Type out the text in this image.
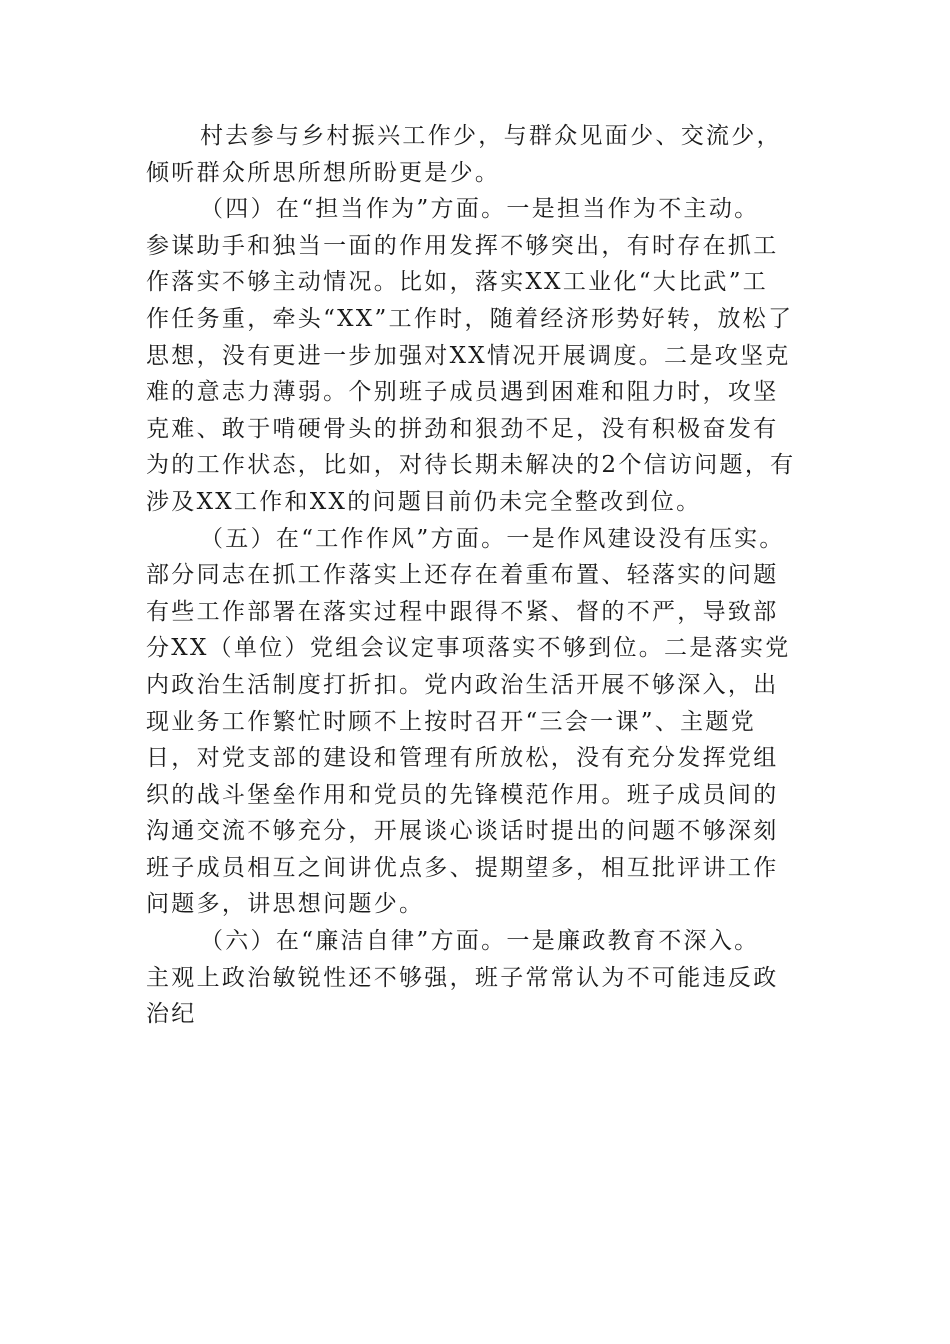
村去参与乡村振兴工作少，与群众见面少、交流少，
倾听群众所思所想所盼更是少。
（四）在“担当作为”方面。一是担当作为不主动。
参谋助手和独当一面的作用发挥不够突出，有时存在抓工
作落实不够主动情况。比如，落实XX工业化“大比武”工
作任务重，牵头“XX”工作时，随着经济形势好转，放松了
思想，没有更进一步加强对XX情况开展调度。二是攻坚克
难的意志力薄弱。个别班子成员遇到困难和阻力时，攻坚
克难、敢于啃硬骨头的拼劲和狠劲不足，没有积极奋发有
为的工作状态，比如，对待长期未解决的2个信访问题，有
涉及XX工作和XX的问题目前仍未完全整改到位。
（五）在“工作作风”方面。一是作风建设没有压实。
部分同志在抓工作落实上还存在着重布置、轻落实的问题
有些工作部署在落实过程中跟得不紧、督的不严，导致部
分XX（单位）党组会议定事项落实不够到位。二是落实党
内政治生活制度打折扣。党内政治生活开展不够深入，出
现业务工作繁忙时顾不上按时召开“三会一课”、主题党
日，对党支部的建设和管理有所放松，没有充分发挥党组
织的战斗堡垒作用和党员的先锋模范作用。班子成员间的
沟通交流不够充分，开展谈心谈话时提出的问题不够深刻
班子成员相互之间讲优点多、提期望多，相互批评讲工作
问题多，讲思想问题少。
（六）在“廉洁自律”方面。一是廉政教育不深入。
主观上政治敏锐性还不够强，班子常常认为不可能违反政
治纪
